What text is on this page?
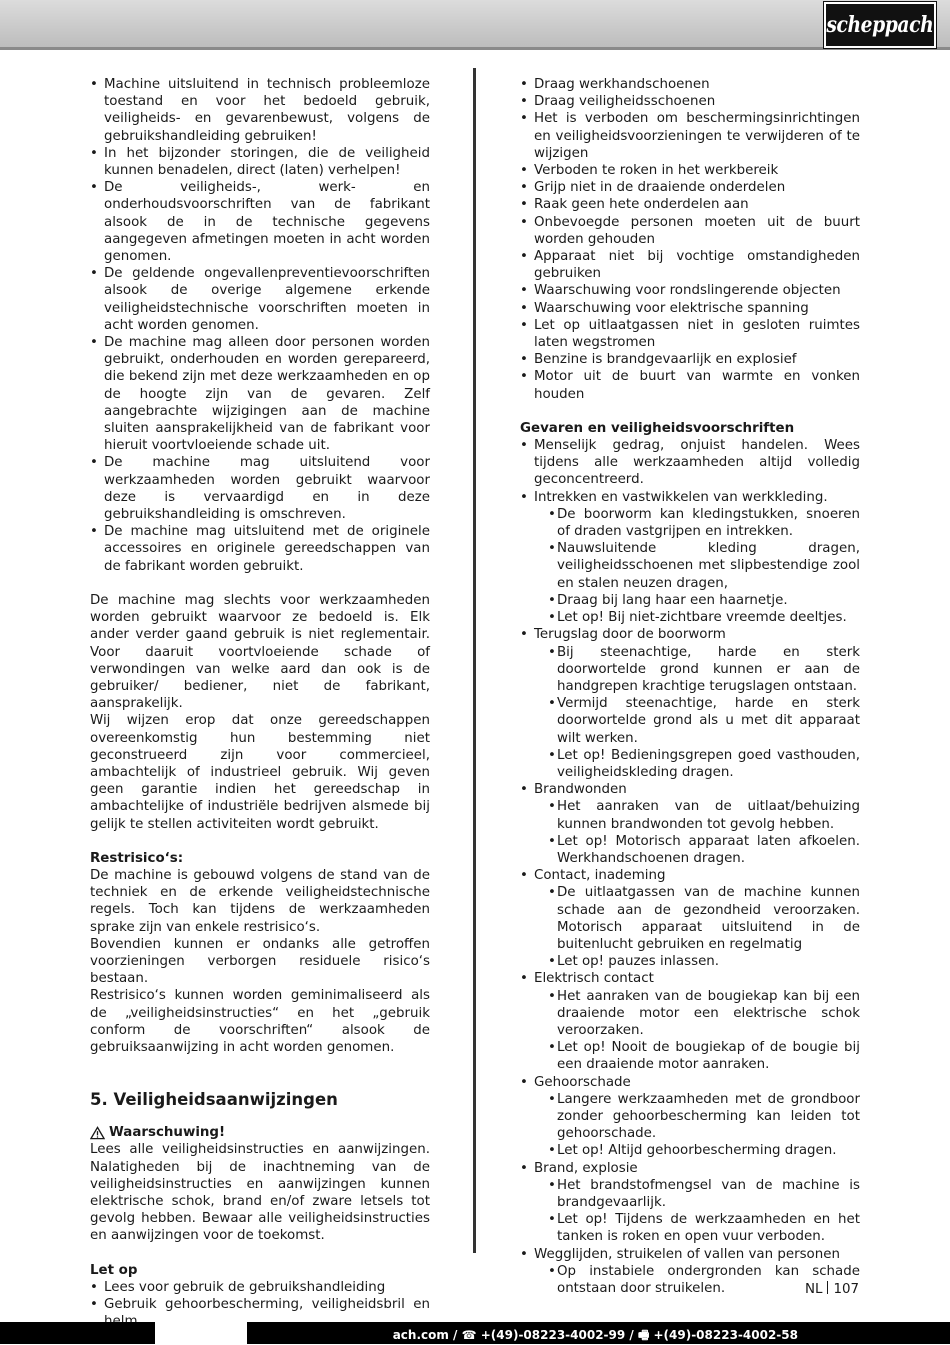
scheppach
• Machine uitsluitend in technisch probleemloze toestand en voor het bedoeld gebruik, veiligheids- en gevarenbewust, volgens de gebruikshandleiding gebruiken!
• In het bijzonder storingen, die de veiligheid kunnen benadelen, direct (laten) verhelpen!
• De veiligheids-, werk- en onderhoudsvoorschriften van de fabrikant alsook de in de technische gegevens aangegeven afmetingen moeten in acht worden genomen.
• De geldende ongevallenpreventievoorschriften alsook de overige algemene erkende veiligheidstechnische voorschriften moeten in acht worden genomen.
• De machine mag alleen door personen worden gebruikt, onderhouden en worden gerepareerd, die bekend zijn met deze werkzaamheden en op de hoogte zijn van de gevaren. Zelf aangebrachte wijzigingen aan de machine sluiten aansprakelijkheid van de fabrikant voor hieruit voortvloeiende schade uit.
• De machine mag uitsluitend voor werkzaamheden worden gebruikt waarvoor deze is vervaardigd en in deze gebruikshandleiding is omschreven.
• De machine mag uitsluitend met de originele accessoires en originele gereedschappen van de fabrikant worden gebruikt.

De machine mag slechts voor werkzaamheden worden gebruikt waarvoor ze bedoeld is. Elk ander verder gaand gebruik is niet reglementair. Voor daaruit voortvloeiende schade of verwondingen van welke aard dan ook is de gebruiker/ bediener, niet de fabrikant, aansprakelijk.

Wij wijzen erop dat onze gereedschappen overeenkomstig hun bestemming niet geconstrueerd zijn voor commercieel, ambachtelijk of industrieel gebruik. Wij geven geen garantie indien het gereedschap in ambachtelijke of industriële bedrijven alsmede bij gelijk te stellen activiteiten wordt gebruikt.

Restrisico‘s:

De machine is gebouwd volgens de stand van de techniek en de erkende veiligheidstechnische regels. Toch kan tijdens de werkzaamheden sprake zijn van enkele restrisico‘s.

Bovendien kunnen er ondanks alle getroffen voorzieningen verborgen residuele risico‘s bestaan.

Restrisico‘s kunnen worden geminimaliseerd als de „veiligheidsinstructies“ en het „gebruik conform de voorschriften“ alsook de gebruiksaanwijzing in acht worden genomen.

5. Veiligheidsaanwijzingen
Waarschuwing!

Lees alle veiligheidsinstructies en aanwijzingen. Nalatigheden bij de inachtneming van de veiligheidsinstructies en aanwijzingen kunnen elektrische schok, brand en/of zware letsels tot gevolg hebben. Bewaar alle veiligheidsinstructies en aanwijzingen voor de toekomst.

Let op

• Lees voor gebruik de gebruikshandleiding
• Gebruik gehoorbescherming, veiligheidsbril en
• Draag werkhandschoenen
• Draag veiligheidsschoenen
• Het is verboden om beschermingsinrichtingen en veiligheidsvoorzieningen te verwijderen of te wijzigen
• Verboden te roken in het werkbereik
• Grijp niet in de draaiende onderdelen
• Raak geen hete onderdelen aan
• Onbevoegde personen moeten uit de buurt worden gehouden
• Apparaat niet bij vochtige omstandigheden gebruiken
• Waarschuwing voor rondslingerende objecten
• Waarschuwing voor elektrische spanning
• Let op uitlaatgassen niet in gesloten ruimtes laten wegstromen
• Benzine is brandgevaarlijk en explosief
• Motor uit de buurt van warmte en vonken houden

Gevaren en veiligheidsvoorschriften

• Menselijk gedrag, onjuist handelen. Wees tijdens alle werkzaamheden altijd volledig geconcentreerd.
• Intrekken en vastwikkelen van werkkleding.
• De boorworm kan kledingstukken, snoeren of draden vastgrijpen en intrekken.
• Nauwsluitende kleding dragen, veiligheidsschoenen met slipbestendige zool en stalen neuzen dragen,
• Draag bij lang haar een haarnetje.
• Let op! Bij niet-zichtbare vreemde deeltjes.
• Terugslag door de boorworm
• Bij steenachtige, harde en sterk doorwortelde grond kunnen er aan de handgrepen krachtige terugslagen ontstaan.
• Vermijd steenachtige, harde en sterk doorwortelde grond als u met dit apparaat wilt werken.
• Let op! Bedieningsgrepen goed vasthouden, veiligheidskleding dragen.
• Brandwonden
• Het aanraken van de uitlaat/behuizing kunnen brandwonden tot gevolg hebben.
• Let op! Motorisch apparaat laten afkoelen. Werkhandschoenen dragen.
• Contact, inademing
• De uitlaatgassen van de machine kunnen schade aan de gezondheid veroorzaken. Motorisch apparaat uitsluitend in de buitenlucht gebruiken en regelmatig
• Let op! pauzes inlassen.
• Elektrisch contact
• Het aanraken van de bougiekap kan bij een draaiende motor een elektrische schok veroorzaken.
• Let op! Nooit de bougiekap of de bougie bij een draaiende motor aanraken.
• Gehoorschade
• Langere werkzaamheden met de grondboor zonder gehoorbescherming kan leiden tot gehoorschade.
• Let op! Altijd gehoorbescherming dragen.
• Brand, explosie
• Het brandstofmengsel van de machine is brandgevaarlijk.
• Let op! Tijdens de werkzaamheden en het tanken is roken en open vuur verboden.
• Wegglijden, struikelen of vallen van personen
• Op instabiele ondergronden kan schade ontstaan door struikelen.	NL 107
ach.com / ☎ +(49)-08223-4002-99 / 🖷 +(49)-08223-4002-58
